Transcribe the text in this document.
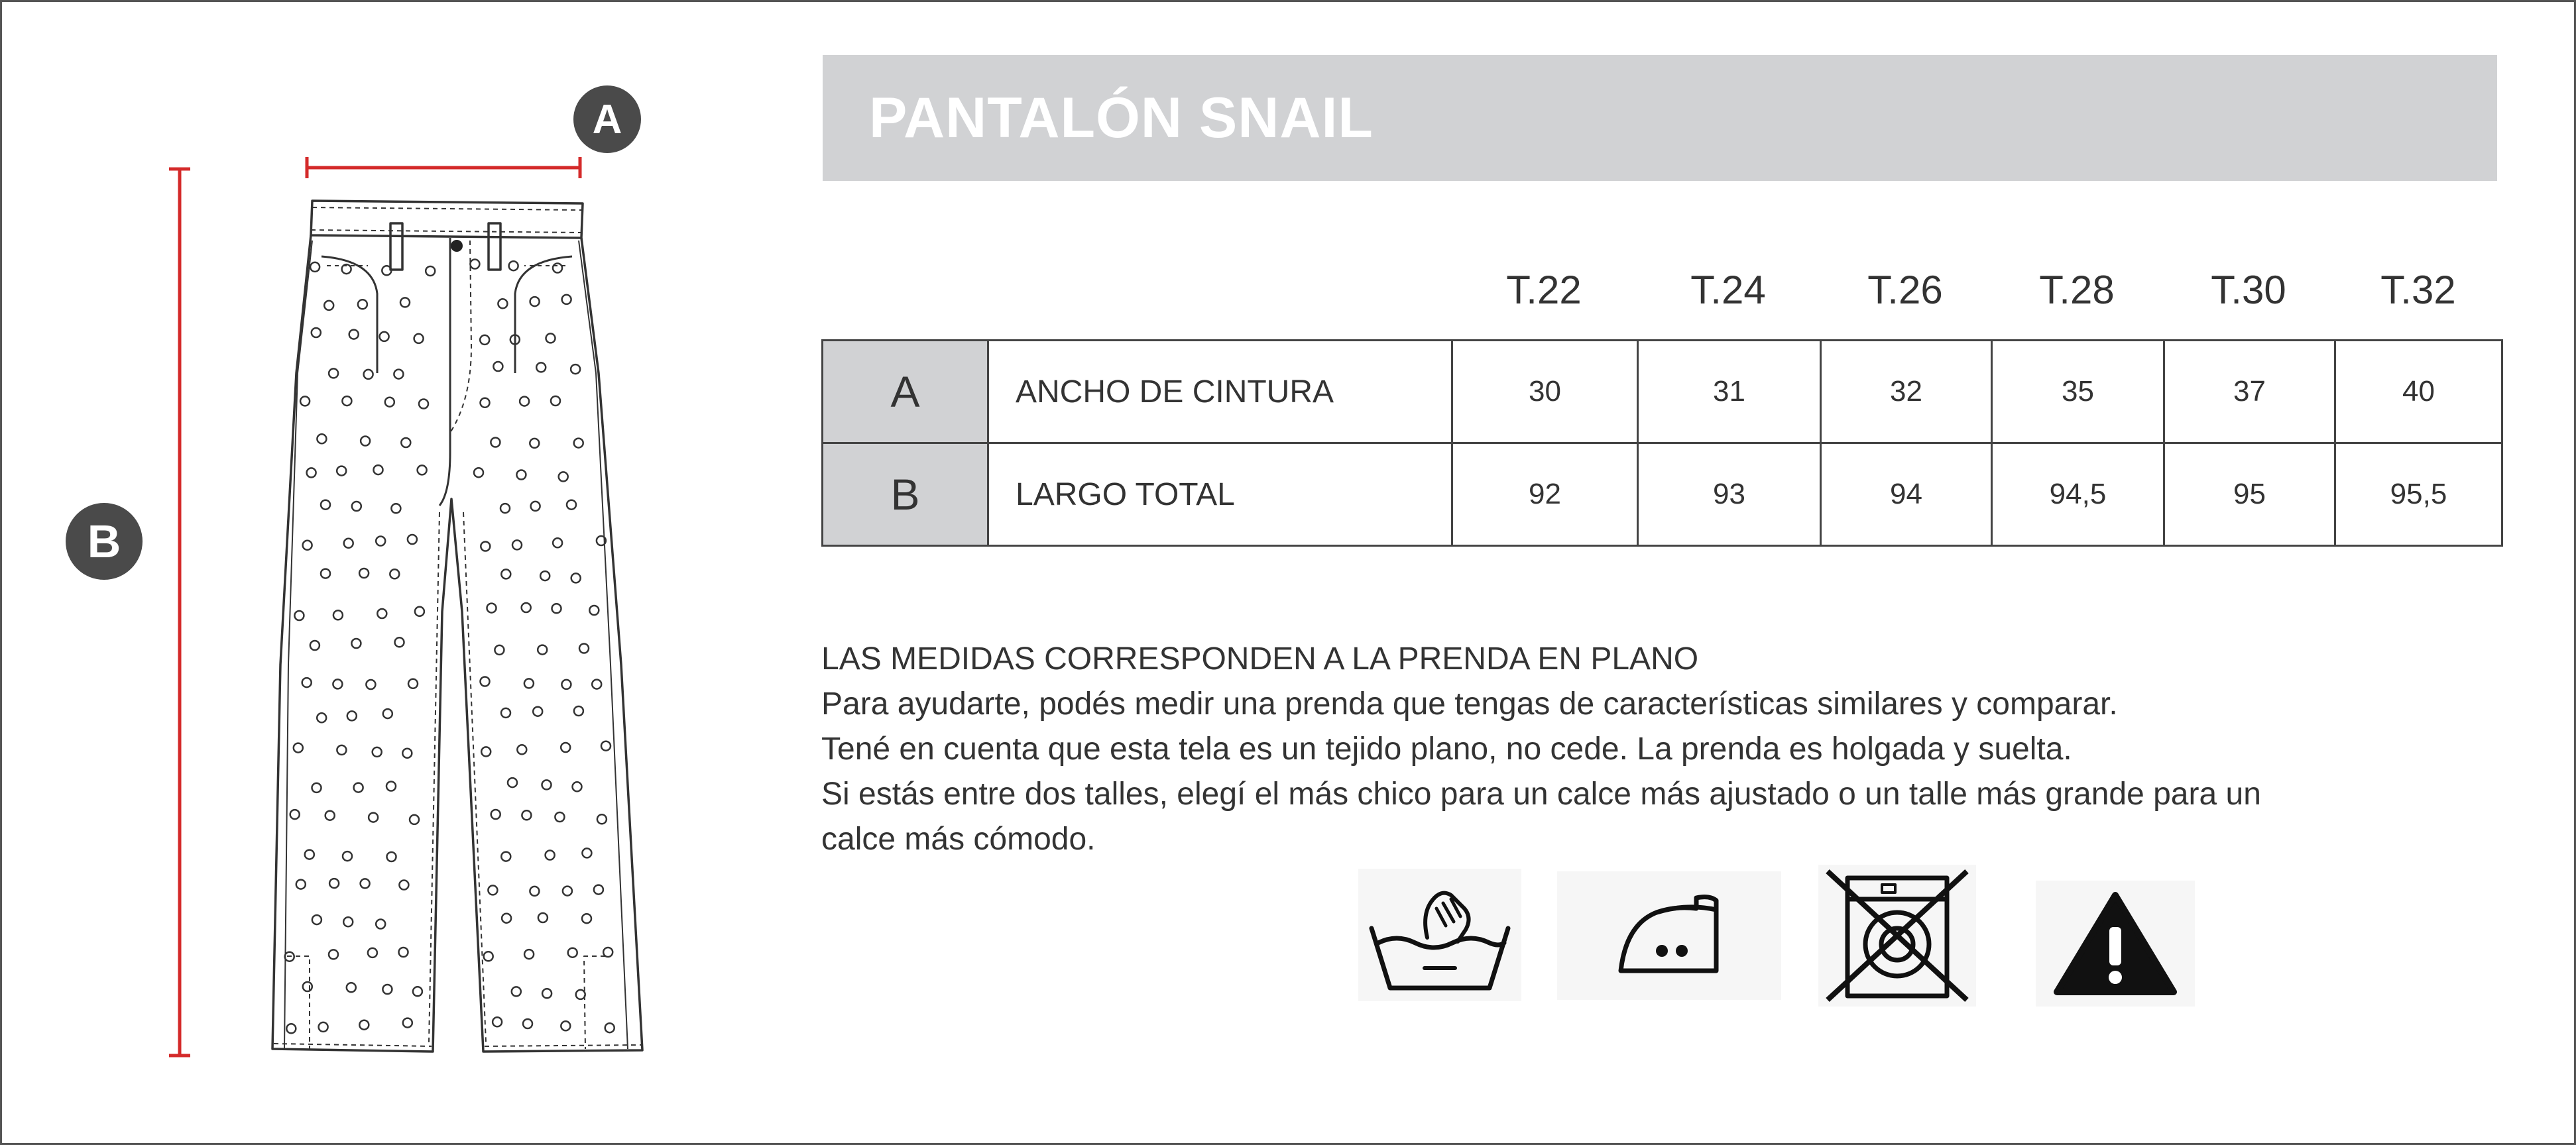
A
B
PANTALÓN SNAIL
T.22	T.24	T.26	T.28	T.30	T.32
A	ANCHO DE CINTURA	30	31	32	35	37	40
B	LARGO TOTAL	92	93	94	94,5	95	95,5

LAS MEDIDAS CORRESPONDEN A LA PRENDA EN PLANO

Para ayudarte, podés medir una prenda que tengas de características similares y comparar.

Tené en cuenta que esta tela es un tejido plano, no cede. La prenda es holgada y suelta.

Si estás entre dos talles, elegí el más chico para un calce más ajustado o un talle más grande para un

calce más cómodo.
